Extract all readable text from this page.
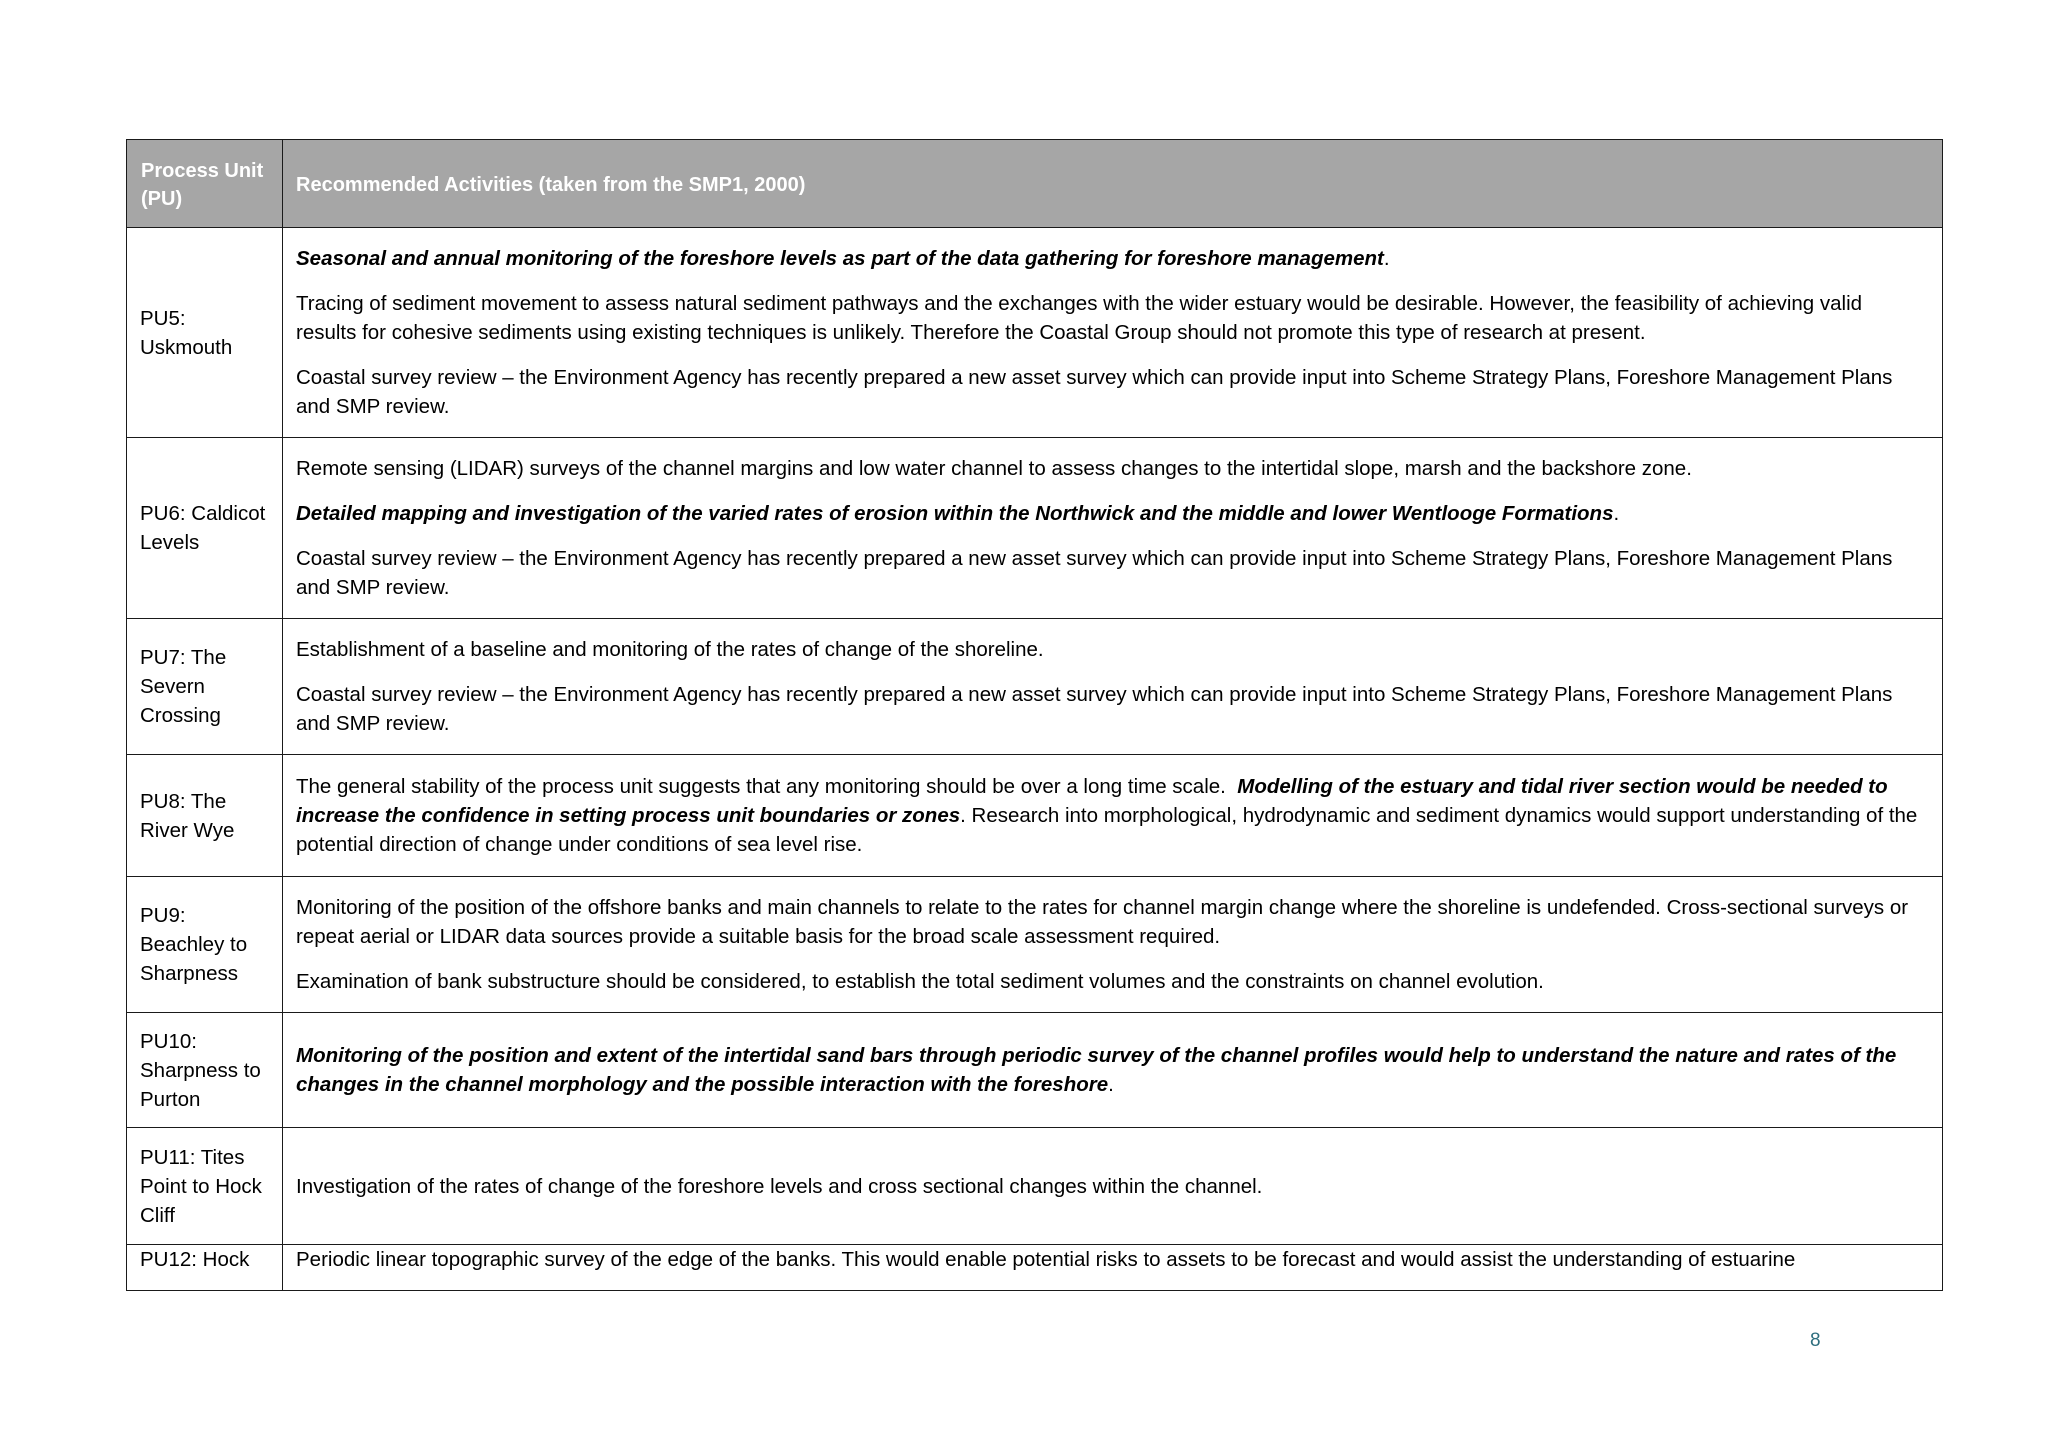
Process Unit (PU)	Recommended Activities (taken from the SMP1, 2000)
PU5: Uskmouth	Seasonal and annual monitoring of the foreshore levels as part of the data gathering for foreshore management.

Tracing of sediment movement to assess natural sediment pathways and the exchanges with the wider estuary would be desirable. However, the feasibility of achieving valid results for cohesive sediments using existing techniques is unlikely. Therefore the Coastal Group should not promote this type of research at present.

Coastal survey review – the Environment Agency has recently prepared a new asset survey which can provide input into Scheme Strategy Plans, Foreshore Management Plans and SMP review.

PU6: Caldicot Levels	Remote sensing (LIDAR) surveys of the channel margins and low water channel to assess changes to the intertidal slope, marsh and the backshore zone.

Detailed mapping and investigation of the varied rates of erosion within the Northwick and the middle and lower Wentlooge Formations.

Coastal survey review – the Environment Agency has recently prepared a new asset survey which can provide input into Scheme Strategy Plans, Foreshore Management Plans and SMP review.

PU7: The Severn Crossing	Establishment of a baseline and monitoring of the rates of change of the shoreline.

Coastal survey review – the Environment Agency has recently prepared a new asset survey which can provide input into Scheme Strategy Plans, Foreshore Management Plans and SMP review.

PU8: The River Wye	The general stability of the process unit suggests that any monitoring should be over a long time scale.  Modelling of the estuary and tidal river section would be needed to increase the confidence in setting process unit boundaries or zones. Research into morphological, hydrodynamic and sediment dynamics would support understanding of the potential direction of change under conditions of sea level rise.

PU9: Beachley to Sharpness	Monitoring of the position of the offshore banks and main channels to relate to the rates for channel margin change where the shoreline is undefended. Cross-sectional surveys or repeat aerial or LIDAR data sources provide a suitable basis for the broad scale assessment required.

Examination of bank substructure should be considered, to establish the total sediment volumes and the constraints on channel evolution.

PU10: Sharpness to Purton	Monitoring of the position and extent of the intertidal sand bars through periodic survey of the channel profiles would help to understand the nature and rates of the changes in the channel morphology and the possible interaction with the foreshore.

PU11: Tites Point to Hock Cliff	Investigation of the rates of change of the foreshore levels and cross sectional changes within the channel.

PU12: Hock	Periodic linear topographic survey of the edge of the banks. This would enable potential risks to assets to be forecast and would assist the understanding of estuarine

8
